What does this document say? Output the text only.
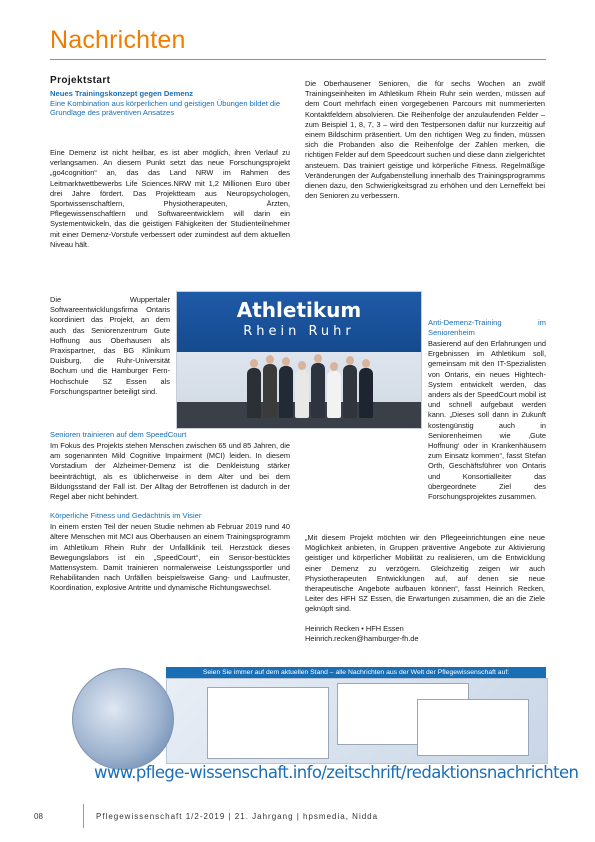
Nachrichten
Projektstart
Neues Trainingskonzept gegen Demenz
Eine Kombination aus körperlichen und geistigen Übungen bildet die Grundlage des präventiven Ansatzes

Eine Demenz ist nicht heilbar, es ist aber möglich, ihren Verlauf zu verlangsamen. An diesem Punkt setzt das neue Forschungsprojekt „go4cognition“ an, das das Land NRW im Rahmen des Leitmarktwettbewerbs Life Sciences.NRW mit 1,2 Millionen Euro über drei Jahre fördert. Das Projektteam aus Neuropsychologen, Sportwissenschaftlern, Physiotherapeuten, Ärzten, Pflegewissenschaftlern und Softwareentwicklern will darin ein Systementwickeln, das die geistigen Fähigkeiten der Studienteilnehmer mit einer Demenz-Vorstufe verbessert oder zumindest auf dem aktuellen Niveau hält.

Die Wuppertaler Softwareentwicklungsfirma Ontaris koordiniert das Projekt, an dem auch das Seniorenzentrum Gute Hoffnung aus Oberhausen als Praxispartner, das BG Klinikum Duisburg, die Ruhr-Universität Bochum und die Hamburger Fern-Hochschule SZ Essen als Forschungspartner beteiligt sind.

Senioren trainieren auf dem SpeedCourt

Im Fokus des Projekts stehen Menschen zwischen 65 und 85 Jahren, die am sogenannten Mild Cognitive Impairment (MCI) leiden. In diesem Vorstadium der Alzheimer-Demenz ist die Denkleistung stärker beeinträchtigt, als es üblicherweise in dem Alter und bei dem Bildungsstand der Fall ist. Der Alltag der Betroffenen ist dadurch in der Regel aber nicht behindert.

Körperliche Fitness und Gedächtnis im Visier

In einem ersten Teil der neuen Studie nehmen ab Februar 2019 rund 40 ältere Menschen mit MCI aus Oberhausen an einem Trainingsprogramm im Athletikum Rhein Ruhr der Unfallklinik teil. Herzstück dieses Bewegungslabors ist ein „SpeedCourt“, ein Sensor-bestücktes Mattensystem. Damit trainieren normalerweise Leistungssportler und Rehabilitanden nach Unfällen beispielsweise Gang- und Laufmuster, Koordination, explosive Antritte und dynamische Richtungswechsel.

Die Oberhausener Senioren, die für sechs Wochen an zwölf Trainingseinheiten im Athletikum Rhein Ruhr sein werden, müssen auf dem Court mehrfach einen vorgegebenen Parcours mit nummerierten Kontaktfeldern absolvieren. Die Reihenfolge der anzulaufenden Felder – zum Beispiel 1, 8, 7, 3 – wird den Testpersonen dafür nur kurzzeitig auf einem Bildschirm präsentiert. Um den richtigen Weg zu finden, müssen sich die Probanden also die Reihenfolge der Zahlen merken, die richtigen Felder auf dem Speedcourt suchen und diese dann zielgerichtet ansteuern. Das trainiert geistige und körperliche Fitness. Regelmäßige Veränderungen der Aufgabenstellung innerhalb des Trainingsprogramms dienen dazu, den Schwierigkeitsgrad zu erhöhen und den Lerneffekt bei den Senioren zu verbessern.

Anti-Demenz-Training im Seniorenheim

Basierend auf den Erfahrungen und Ergebnissen im Athletikum soll, gemeinsam mit den IT-Spezialisten von Ontaris, ein neues Hightech-System entwickelt werden, das anders als der SpeedCourt mobil ist und schnell aufgebaut werden kann. „Dieses soll dann in Zukunft kostengünstig auch in Seniorenheimen wie ‚Gute Hoffnung‘ oder in Krankenhäusern zum Einsatz kommen“, fasst Stefan Orth, Geschäftsführer von Ontaris und Konsortialleiter das übergeordnete Ziel des Forschungsprojektes zusammen.

„Mit diesem Projekt möchten wir den Pflegeeinrichtungen eine neue Möglichkeit anbieten, in Gruppen präventive Angebote zur Aktivierung geistiger und körperlicher Mobilität zu realisieren, um die Entwicklung einer Demenz zu verzögern. Gleichzeitig zeigen wir auch Physiotherapeuten Entwicklungen auf, auf denen sie neue therapeutische Angebote aufbauen können“, fasst Heinrich Recken, Leiter des HFH SZ Essen, die Erwartungen zusammen, die an die Ziele geknüpft sind.

Heinrich Recken • HFH Essen
Heinrich.recken@hamburger-fh.de
Athletikum
Rhein Ruhr
Seien Sie immer auf dem aktuellen Stand – alle Nachrichten aus der Welt der Pflegewissenschaft auf:
www.pflege-wissenschaft.info/zeitschrift/redaktionsnachrichten
08	Pflegewissenschaft 1/2-2019 | 21. Jahrgang | hpsmedia, Nidda
